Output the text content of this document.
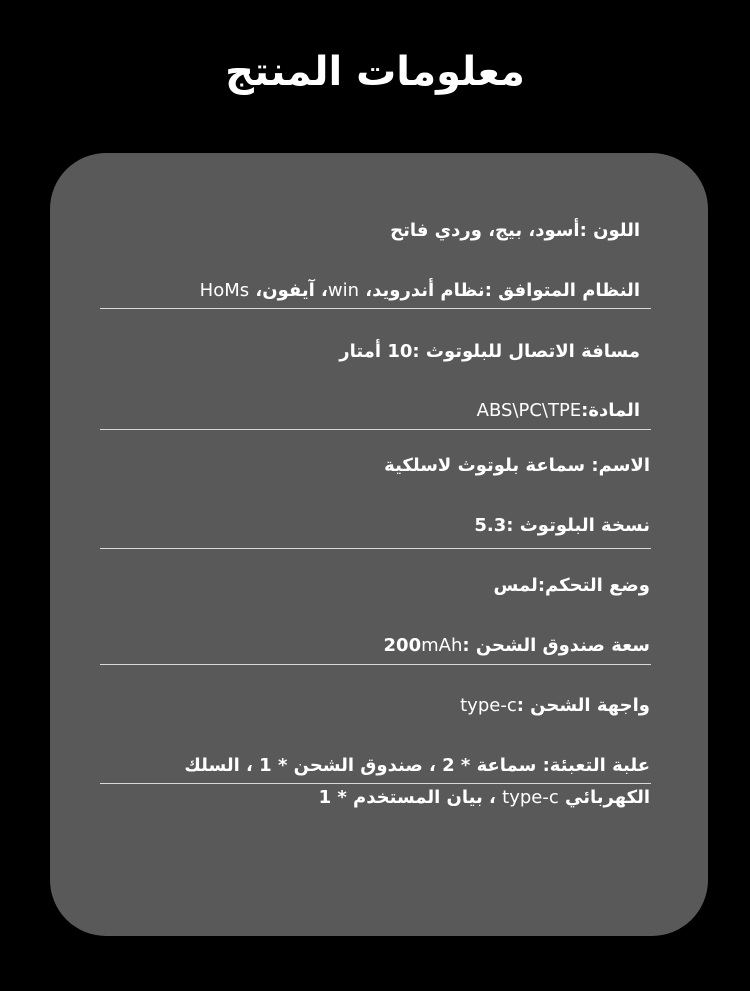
معلومات المنتج

اللون :أسود، بيج، وردي فاتح

النظام المتوافق :نظام أندرويد، win، آيفون، HoMs

مسافة الاتصال للبلوتوث :10 أمتار

المادة:ABS\PC\TPE

الاسم: سماعة بلوتوث لاسلكية

نسخة البلوتوث :5.3

وضع التحكم:لمس

سعة صندوق الشحن :200mAh

واجهة الشحن :type-c

علبة التعبئة: سماعة * 2 ، صندوق الشحن * 1 ، السلك

الكهربائي type-c ، بيان المستخدم * 1
